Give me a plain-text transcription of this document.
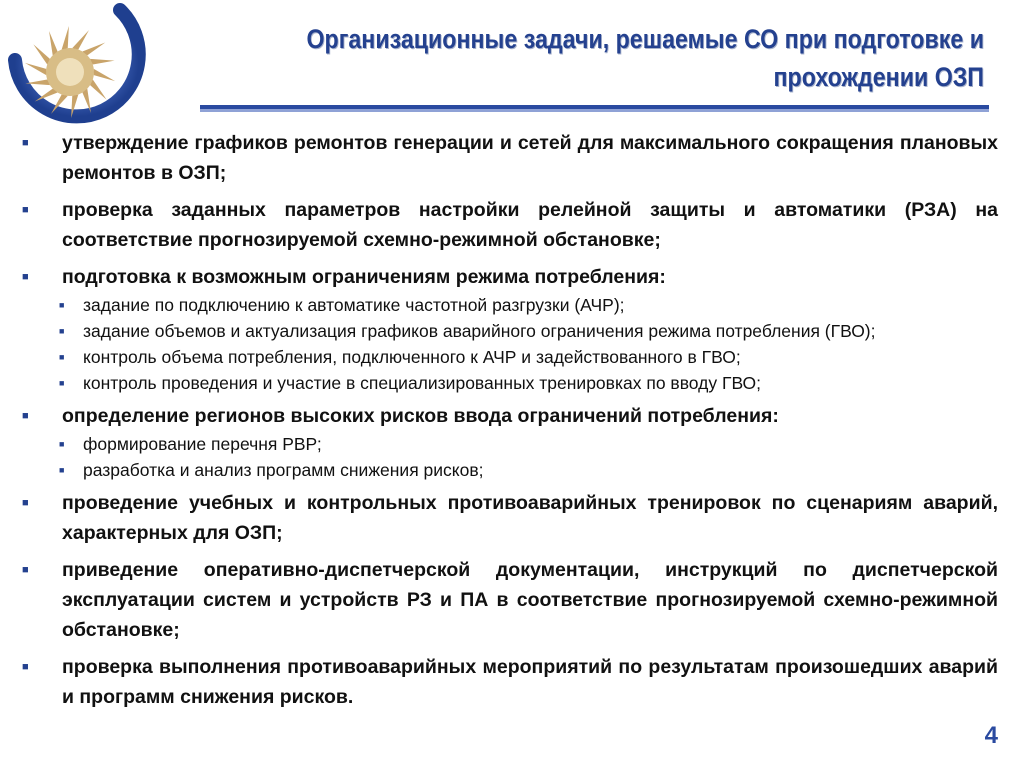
Организационные задачи, решаемые СО при подготовке и
прохождении ОЗП
■	утверждение графиков ремонтов генерации и сетей для максимального сокращения плановых ремонтов в ОЗП;
■	проверка заданных параметров настройки релейной защиты и автоматики (РЗА) на соответствие прогнозируемой схемно-режимной обстановке;
■	подготовка к возможным ограничениям режима потребления:
■	задание по подключению к автоматике частотной разгрузки (АЧР);
■	задание объемов и актуализация графиков аварийного ограничения режима потребления (ГВО);
■	контроль объема потребления, подключенного к АЧР и задействованного в ГВО;
■	контроль проведения и участие в специализированных тренировках по вводу ГВО;
■	определение регионов высоких рисков ввода ограничений потребления:
■	формирование перечня РВР;
■	разработка и анализ программ снижения рисков;
■	проведение учебных и контрольных противоаварийных тренировок по сценариям аварий, характерных для ОЗП;
■	приведение оперативно-диспетчерской документации, инструкций по диспетчерской эксплуатации систем и устройств РЗ и ПА в соответствие прогнозируемой схемно-режимной обстановке;
■	проверка выполнения противоаварийных мероприятий по результатам произошедших аварий и программ снижения рисков.
4
